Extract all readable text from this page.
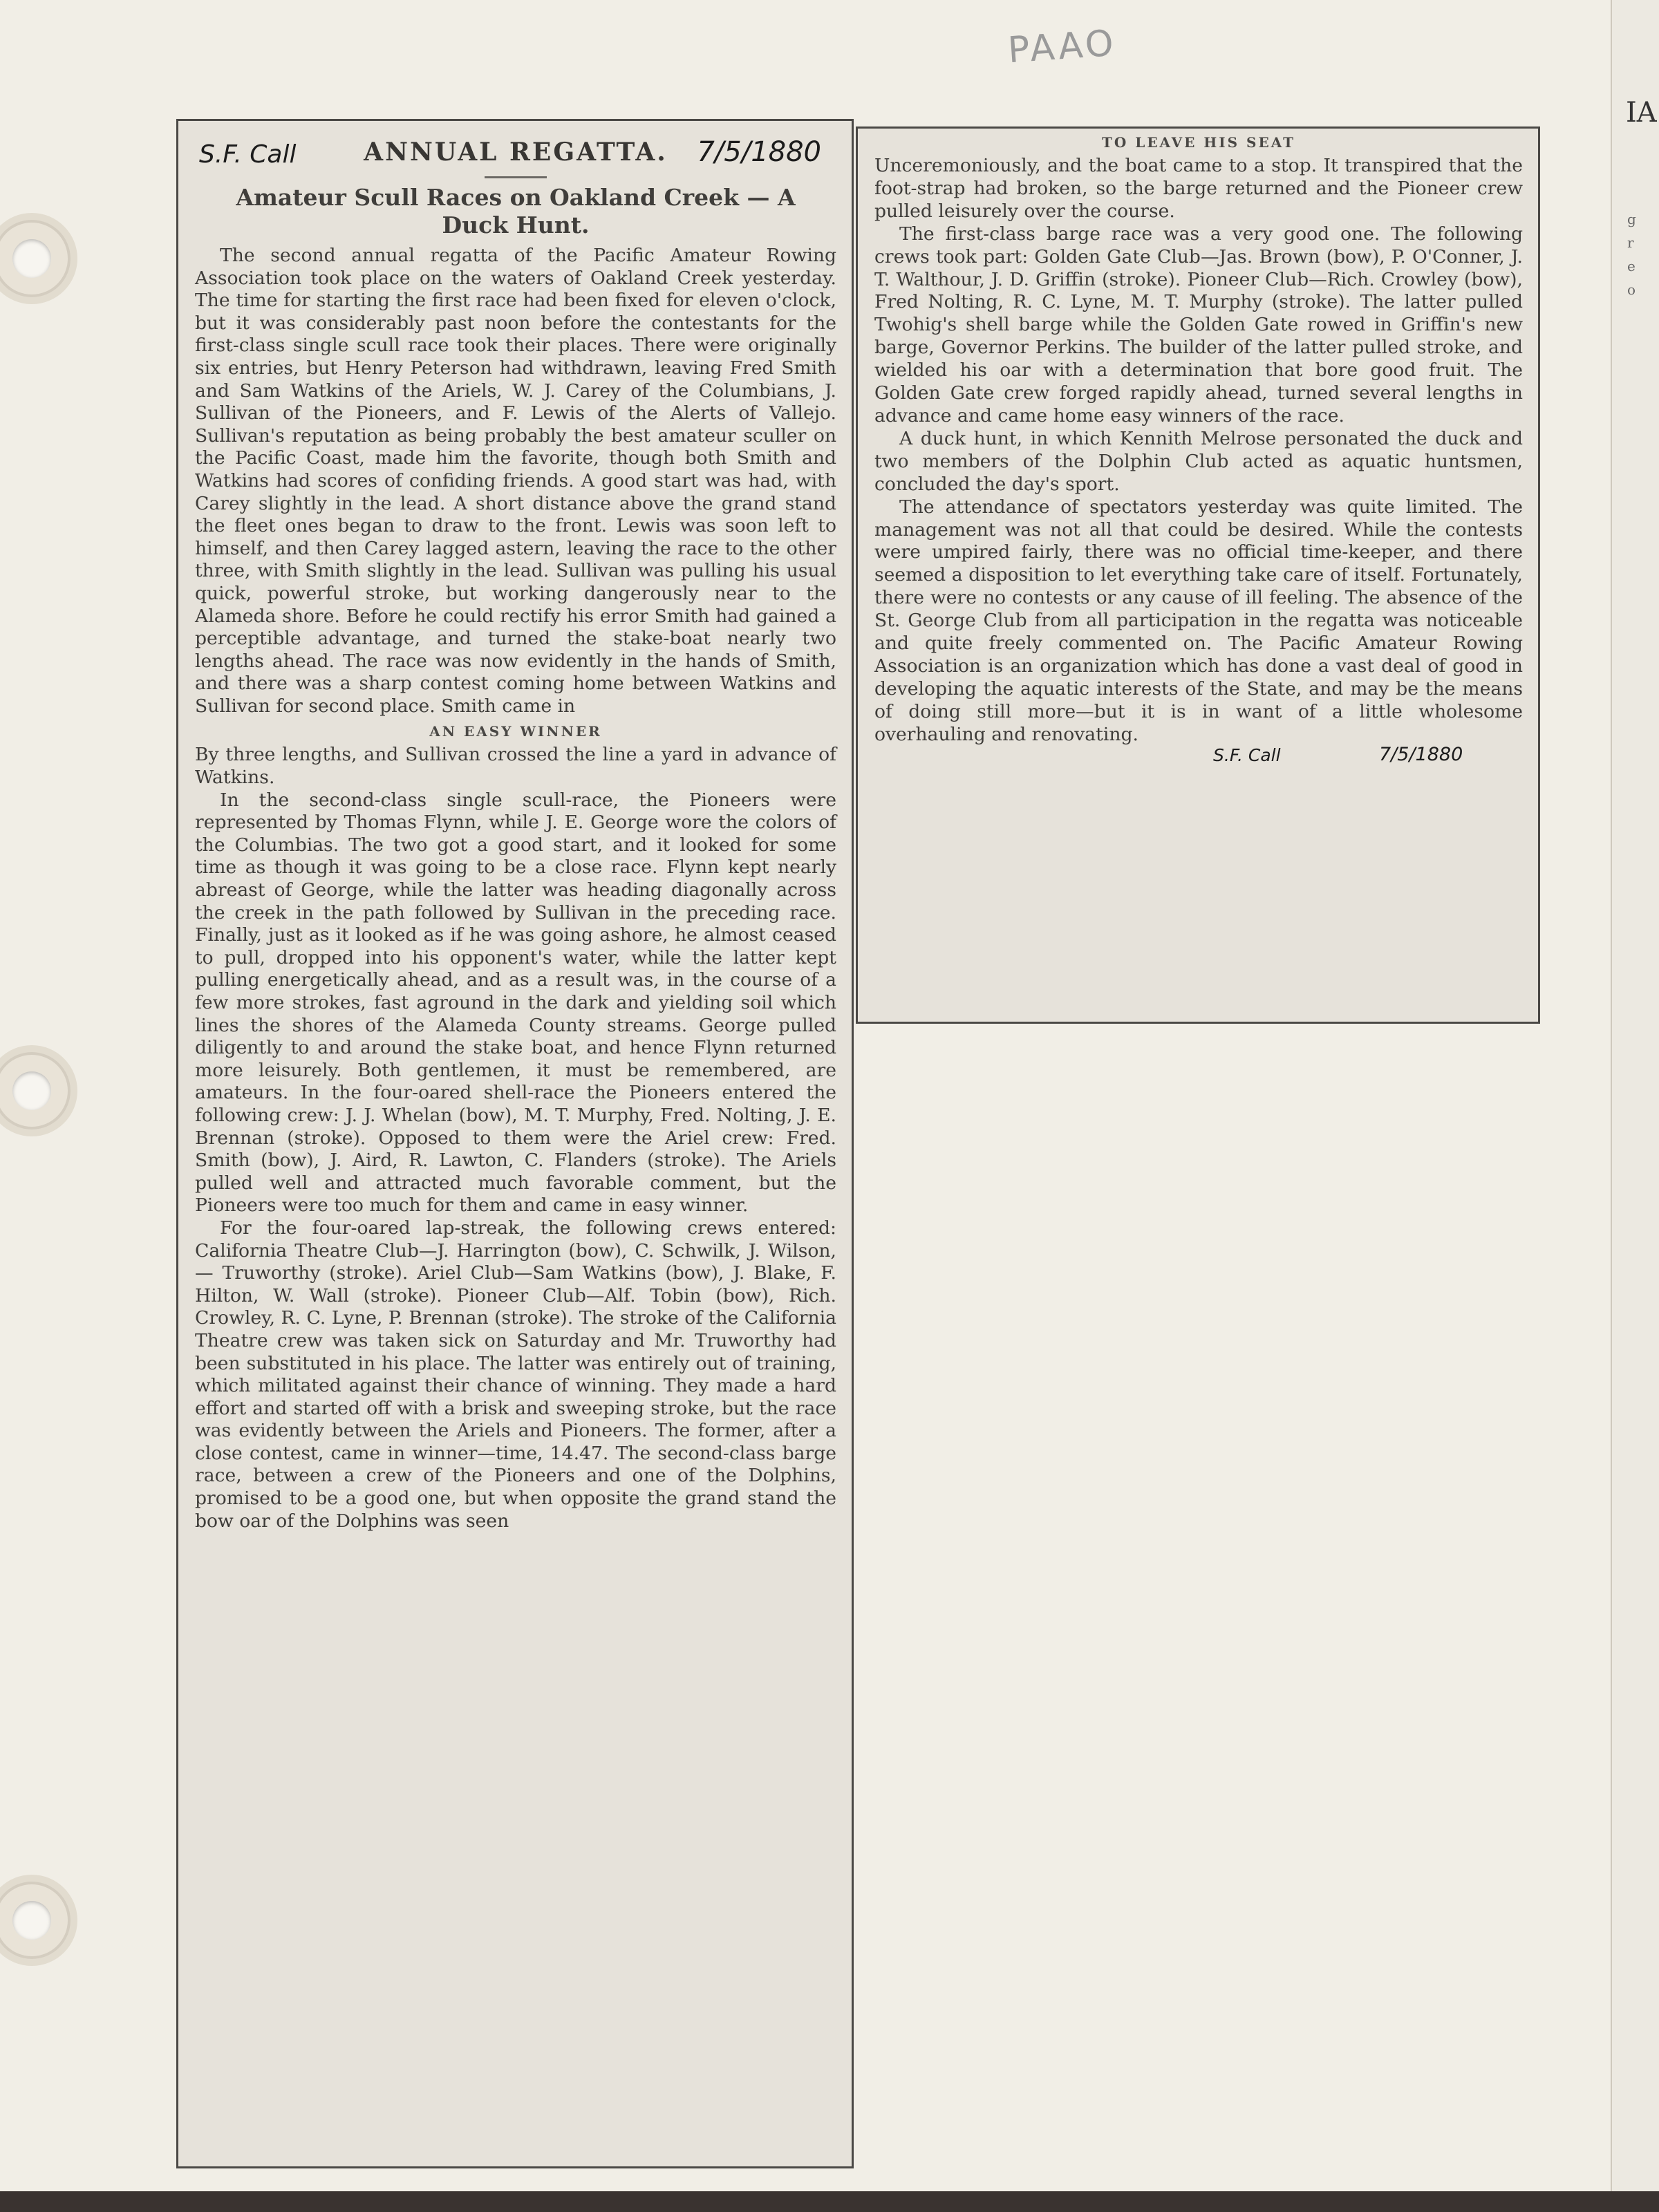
PAAO
S.F. Call	ANNUAL REGATTA. 7/5/1880
Amateur Scull Races on Oakland Creek — A Duck Hunt.

The second annual regatta of the Pacific Amateur Rowing Association took place on the waters of Oakland Creek yesterday. The time for starting the first race had been fixed for eleven o'clock, but it was considerably past noon before the contestants for the first-class single scull race took their places. There were originally six entries, but Henry Peterson had withdrawn, leaving Fred Smith and Sam Watkins of the Ariels, W. J. Carey of the Columbians, J. Sullivan of the Pioneers, and F. Lewis of the Alerts of Vallejo. Sullivan's reputation as being probably the best amateur sculler on the Pacific Coast, made him the favorite, though both Smith and Watkins had scores of confiding friends. A good start was had, with Carey slightly in the lead. A short distance above the grand stand the fleet ones began to draw to the front. Lewis was soon left to himself, and then Carey lagged astern, leaving the race to the other three, with Smith slightly in the lead. Sullivan was pulling his usual quick, powerful stroke, but working dangerously near to the Alameda shore. Before he could rectify his error Smith had gained a perceptible advantage, and turned the stake-boat nearly two lengths ahead. The race was now evidently in the hands of Smith, and there was a sharp contest coming home between Watkins and Sullivan for second place. Smith came in

AN EASY WINNER

By three lengths, and Sullivan crossed the line a yard in advance of Watkins.

In the second-class single scull-race, the Pioneers were represented by Thomas Flynn, while J. E. George wore the colors of the Columbias. The two got a good start, and it looked for some time as though it was going to be a close race. Flynn kept nearly abreast of George, while the latter was heading diagonally across the creek in the path followed by Sullivan in the preceding race. Finally, just as it looked as if he was going ashore, he almost ceased to pull, dropped into his opponent's water, while the latter kept pulling energetically ahead, and as a result was, in the course of a few more strokes, fast aground in the dark and yielding soil which lines the shores of the Alameda County streams. George pulled diligently to and around the stake boat, and hence Flynn returned more leisurely. Both gentlemen, it must be remembered, are amateurs. In the four-oared shell-race the Pioneers entered the following crew: J. J. Whelan (bow), M. T. Murphy, Fred. Nolting, J. E. Brennan (stroke). Opposed to them were the Ariel crew: Fred. Smith (bow), J. Aird, R. Lawton, C. Flanders (stroke). The Ariels pulled well and attracted much favorable comment, but the Pioneers were too much for them and came in easy winner.

For the four-oared lap-streak, the following crews entered: California Theatre Club—J. Harrington (bow), C. Schwilk, J. Wilson, — Truworthy (stroke). Ariel Club—Sam Watkins (bow), J. Blake, F. Hilton, W. Wall (stroke). Pioneer Club—Alf. Tobin (bow), Rich. Crowley, R. C. Lyne, P. Brennan (stroke). The stroke of the California Theatre crew was taken sick on Saturday and Mr. Truworthy had been substituted in his place. The latter was entirely out of training, which militated against their chance of winning. They made a hard effort and started off with a brisk and sweeping stroke, but the race was evidently between the Ariels and Pioneers. The former, after a close contest, came in winner—time, 14.47. The second-class barge race, between a crew of the Pioneers and one of the Dolphins, promised to be a good one, but when opposite the grand stand the bow oar of the Dolphins was seen

TO LEAVE HIS SEAT

Unceremoniously, and the boat came to a stop. It transpired that the foot-strap had broken, so the barge returned and the Pioneer crew pulled leisurely over the course.

The first-class barge race was a very good one. The following crews took part: Golden Gate Club—Jas. Brown (bow), P. O'Conner, J. T. Walthour, J. D. Griffin (stroke). Pioneer Club—Rich. Crowley (bow), Fred Nolting, R. C. Lyne, M. T. Murphy (stroke). The latter pulled Twohig's shell barge while the Golden Gate rowed in Griffin's new barge, Governor Perkins. The builder of the latter pulled stroke, and wielded his oar with a determination that bore good fruit. The Golden Gate crew forged rapidly ahead, turned several lengths in advance and came home easy winners of the race.

A duck hunt, in which Kennith Melrose personated the duck and two members of the Dolphin Club acted as aquatic huntsmen, concluded the day's sport.

The attendance of spectators yesterday was quite limited. The management was not all that could be desired. While the contests were umpired fairly, there was no official time-keeper, and there seemed a disposition to let everything take care of itself. Fortunately, there were no contests or any cause of ill feeling. The absence of the St. George Club from all participation in the regatta was noticeable and quite freely commented on. The Pacific Amateur Rowing Association is an organization which has done a vast deal of good in developing the aquatic interests of the State, and may be the means of doing still more—but it is in want of a little wholesome overhauling and renovating.

S.F. Call	7/5/1880
IA
g
r
e
o
